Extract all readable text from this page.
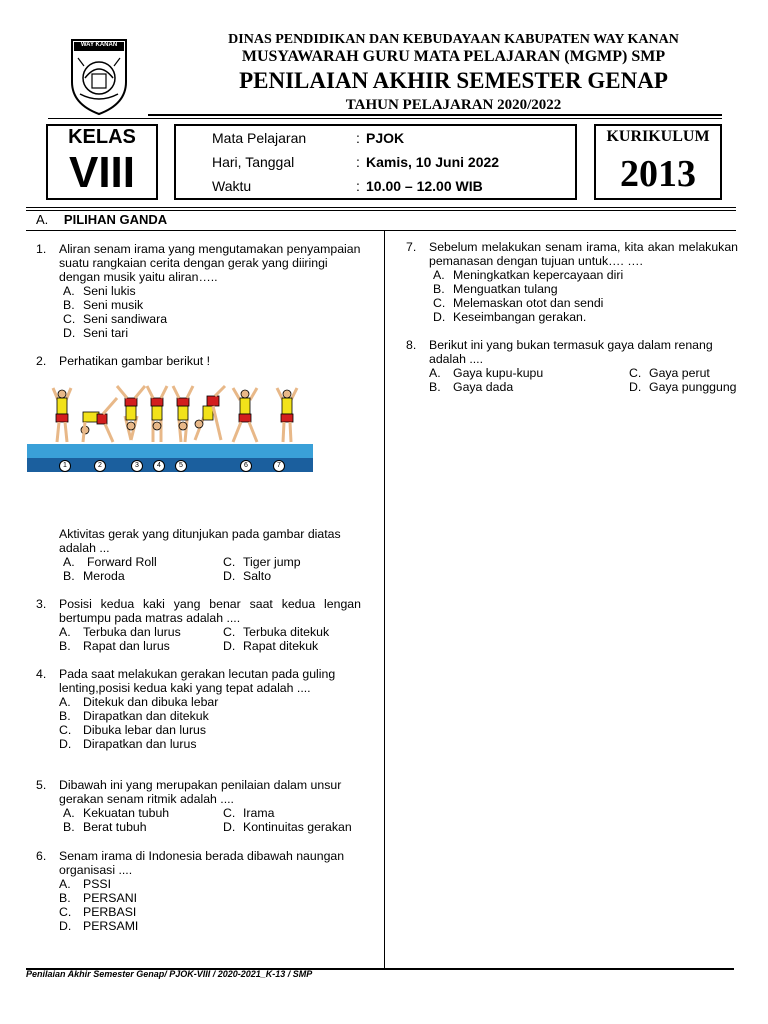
WAY KANAN	DINAS PENDIDIKAN DAN KEBUDAYAAN KABUPATEN WAY KANAN
MUSYAWARAH GURU MATA PELAJARAN (MGMP) SMP
PENILAIAN AKHIR SEMESTER GENAP
TAHUN PELAJARAN 2020/2022
KELAS
VIII
Mata Pelajaran	: PJOK
Hari, Tanggal	: Kamis, 10 Juni 2022
Waktu	: 10.00 – 12.00 WIB
KURIKULUM
2013
A. PILIHAN GANDA
1.	Aliran senam irama yang mengutamakan penyampaian suatu rangkaian cerita dengan gerak yang diiringi dengan musik yaitu aliran…..
A. Seni lukis
B. Seni musik
C. Seni sandiwara
D. Seni tari
2.	Perhatikan gambar berikut !
1	2	3	4	5	6	7
Aktivitas gerak yang ditunjukan pada gambar diatas adalah ...
A.	Forward Roll	C. Tiger jump
B. Meroda	D. Salto
3.	Posisi kedua kaki yang benar saat kedua lengan bertumpu pada matras adalah ....
A.	Terbuka dan lurus	C. Terbuka ditekuk
B.	Rapat dan lurus	D. Rapat ditekuk
4.	Pada saat melakukan gerakan lecutan pada guling lenting,posisi kedua kaki yang tepat adalah ....
A.	Ditekuk dan dibuka lebar
B.	Dirapatkan dan ditekuk
C. Dibuka lebar dan lurus
D. Dirapatkan dan lurus
5.	Dibawah ini yang merupakan penilaian dalam unsur gerakan senam ritmik adalah ....
A. Kekuatan tubuh	C. Irama
B. Berat tubuh	D. Kontinuitas gerakan
6.	Senam irama di Indonesia berada dibawah naungan organisasi ....
A.	PSSI
B.	PERSANI
C. PERBASI
D. PERSAMI
7.	Sebelum melakukan senam irama, kita akan melakukan pemanasan dengan tujuan untuk…. ….
A. Meningkatkan kepercayaan diri
B. Menguatkan tulang
C. Melemaskan otot dan sendi
D. Keseimbangan gerakan.
8.	Berikut ini yang bukan termasuk gaya dalam renang adalah ....
A.	Gaya kupu-kupu	C. Gaya perut
B.	Gaya dada	D. Gaya punggung
Penilaian Akhir Semester Genap/ PJOK-VIII / 2020-2021_K-13 / SMP
